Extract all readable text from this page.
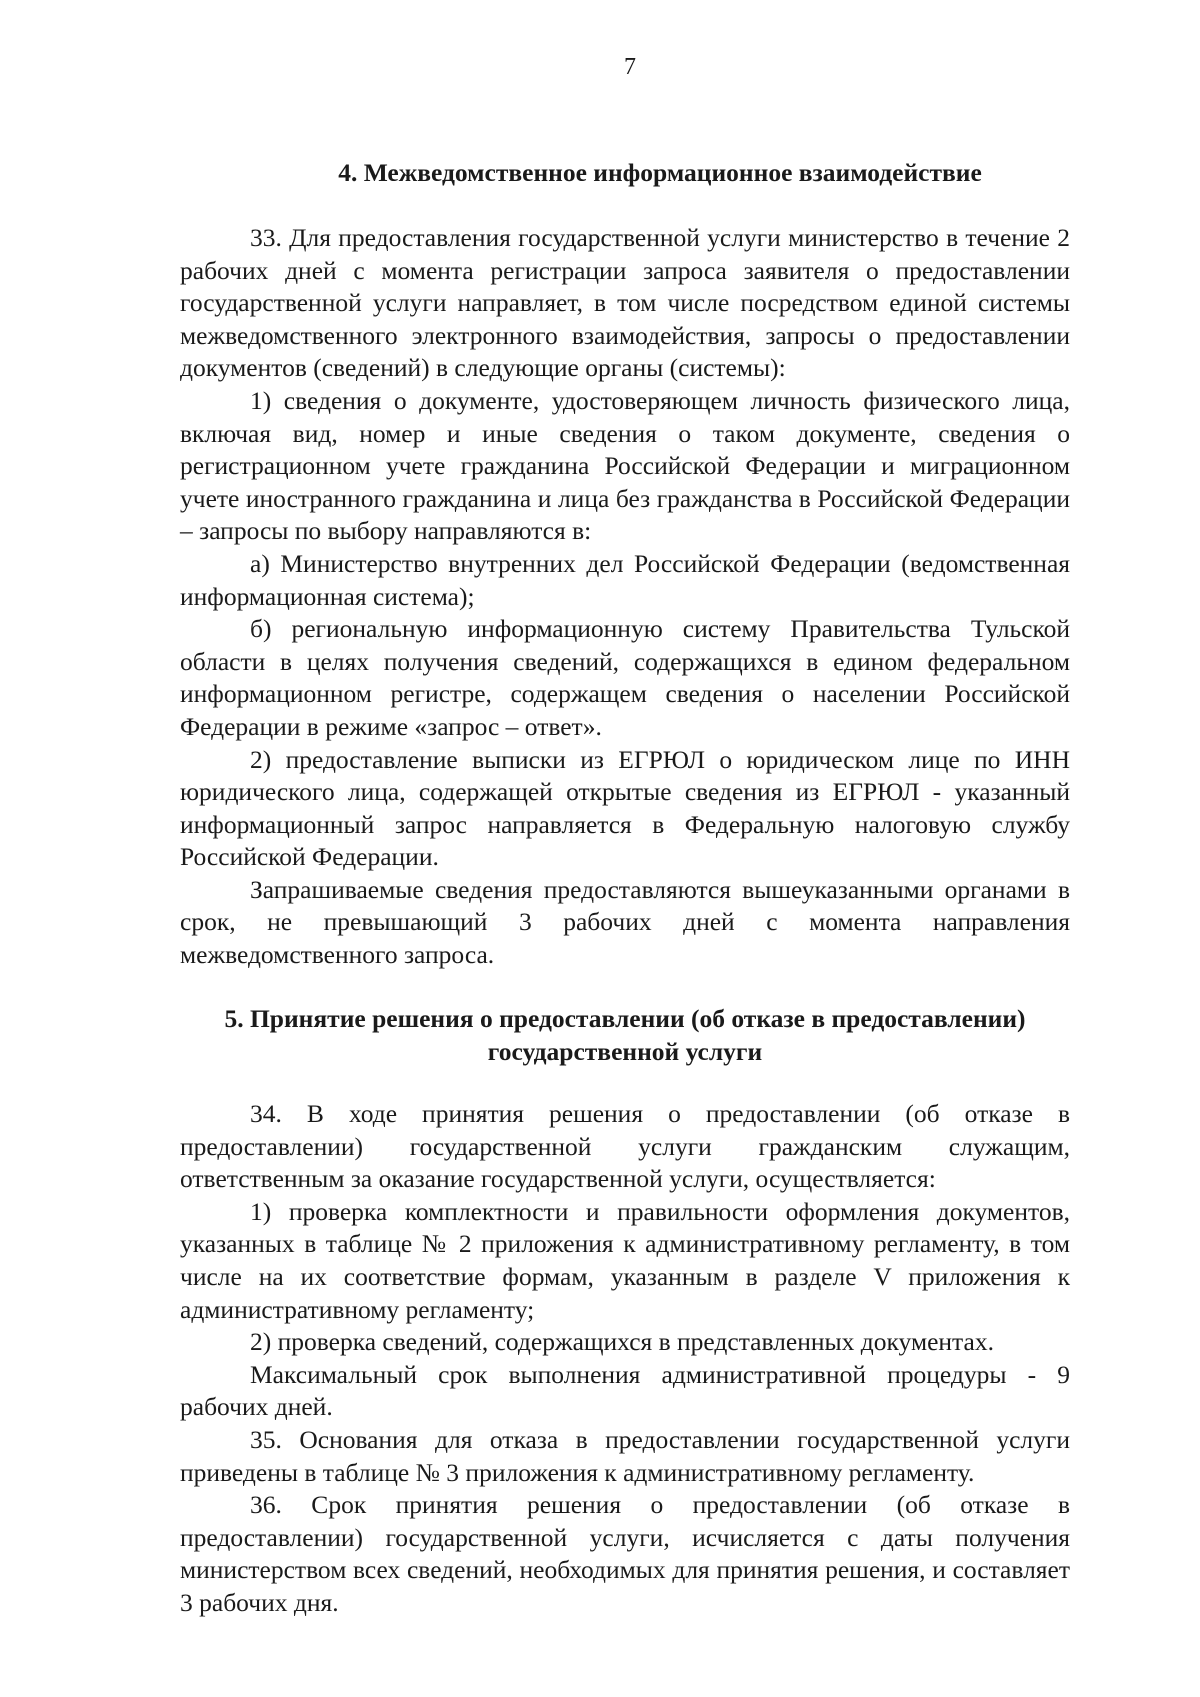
7
4. Межведомственное информационное взаимодействие

33. Для предоставления государственной услуги министерство в течение 2 рабочих дней с момента регистрации запроса заявителя о предоставлении государственной услуги направляет, в том числе посредством единой системы межведомственного электронного взаимодействия, запросы о предоставлении документов (сведений) в следующие органы (системы):

1) сведения о документе, удостоверяющем личность физического лица, включая вид, номер и иные сведения о таком документе, сведения о регистрационном учете гражданина Российской Федерации и миграционном учете иностранного гражданина и лица без гражданства в Российской Федерации – запросы по выбору направляются в:

а) Министерство внутренних дел Российской Федерации (ведомственная информационная система);

б) региональную информационную систему Правительства Тульской области в целях получения сведений, содержащихся в едином федеральном информационном регистре, содержащем сведения о населении Российской Федерации в режиме «запрос – ответ».

2) предоставление выписки из ЕГРЮЛ о юридическом лице по ИНН юридического лица, содержащей открытые сведения из ЕГРЮЛ - указанный информационный запрос направляется в Федеральную налоговую службу Российской Федерации.

Запрашиваемые сведения предоставляются вышеуказанными органами в срок, не превышающий 3 рабочих дней с момента направления межведомственного запроса.

5. Принятие решения о предоставлении (об отказе в предоставлении)
государственной услуги

34. В ходе принятия решения о предоставлении (об отказе в предоставлении) государственной услуги гражданским служащим, ответственным за оказание государственной услуги, осуществляется:

1) проверка комплектности и правильности оформления документов, указанных в таблице № 2 приложения к административному регламенту, в том числе на их соответствие формам, указанным в разделе V приложения к административному регламенту;

2) проверка сведений, содержащихся в представленных документах.

Максимальный срок выполнения административной процедуры - 9 рабочих дней.

35. Основания для отказа в предоставлении государственной услуги приведены в таблице № 3 приложения к административному регламенту.

36. Срок принятия решения о предоставлении (об отказе в предоставлении) государственной услуги, исчисляется с даты получения министерством всех сведений, необходимых для принятия решения, и составляет 3 рабочих дня.
